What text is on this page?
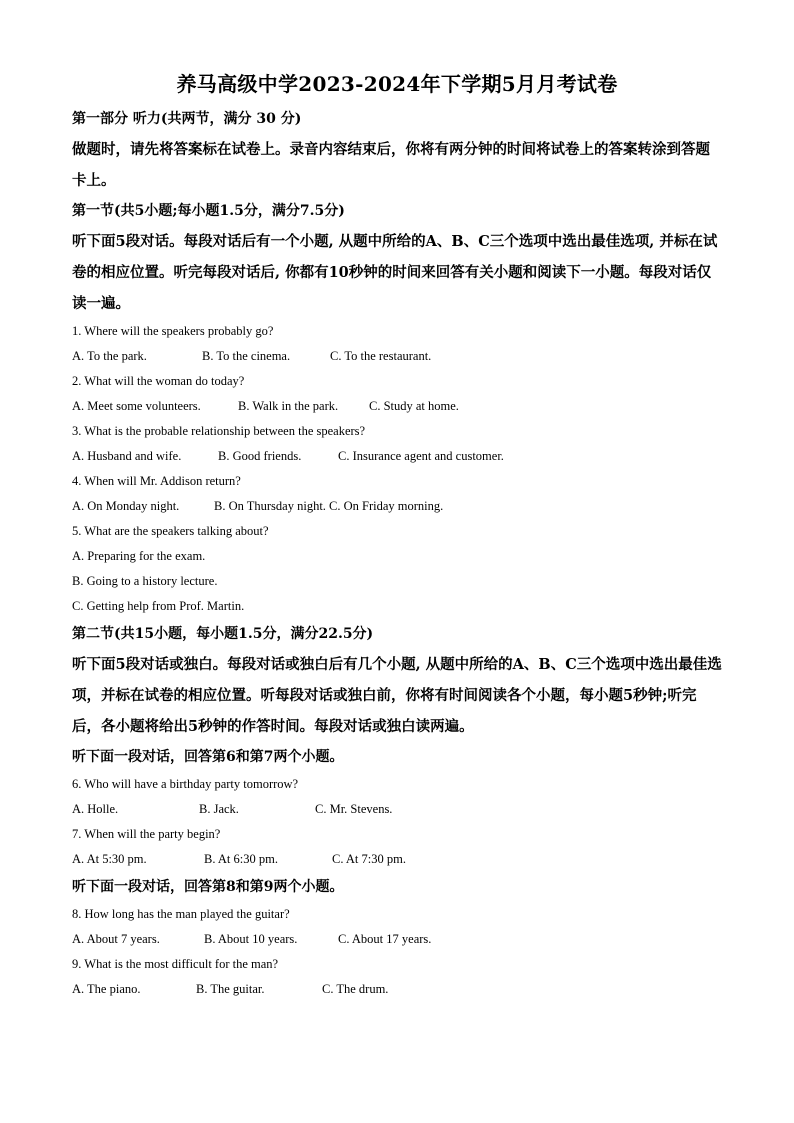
养马高级中学2023-2024年下学期5月月考试卷
第一部分 听力(共两节，满分 30 分)

做题时，请先将答案标在试卷上。录音内容结束后，你将有两分钟的时间将试卷上的答案转涂到答题卡上。

第一节(共5小题;每小题1.5分，满分7.5分)

听下面5段对话。每段对话后有一个小题, 从题中所给的A、B、C三个选项中选出最佳选项, 并标在试卷的相应位置。听完每段对话后, 你都有10秒钟的时间来回答有关小题和阅读下一小题。每段对话仅读一遍。

1. Where will the speakers probably go?
A. To the park.	B. To the cinema.	C. To the restaurant.
2. What will the woman do today?
A. Meet some volunteers.	B. Walk in the park. C. Study at home.
3. What is the probable relationship between the speakers?
A. Husband and wife.	B. Good friends.	C. Insurance agent and customer.
4. When will Mr. Addison return?
A. On Monday night.	B. On Thursday night. C. On Friday morning.
5. What are the speakers talking about?
A. Preparing for the exam.
B. Going to a history lecture.
C. Getting help from Prof. Martin.
第二节(共15小题，每小题1.5分，满分22.5分)

听下面5段对话或独白。每段对话或独白后有几个小题, 从题中所给的A、B、C三个选项中选出最佳选项，并标在试卷的相应位置。听每段对话或独白前，你将有时间阅读各个小题，每小题5秒钟;听完后，各小题将给出5秒钟的作答时间。每段对话或独白读两遍。

听下面一段对话，回答第6和第7两个小题。
6. Who will have a birthday party tomorrow?
A. Holle.	B. Jack.	C. Mr. Stevens.
7. When will the party begin?
A. At 5:30 pm.	B. At 6:30 pm.	C. At 7:30 pm.
听下面一段对话，回答第8和第9两个小题。
8. How long has the man played the guitar?
A. About 7 years.	B. About 10 years.	C. About 17 years.
9. What is the most difficult for the man?
A. The piano.	B. The guitar.	C. The drum.
